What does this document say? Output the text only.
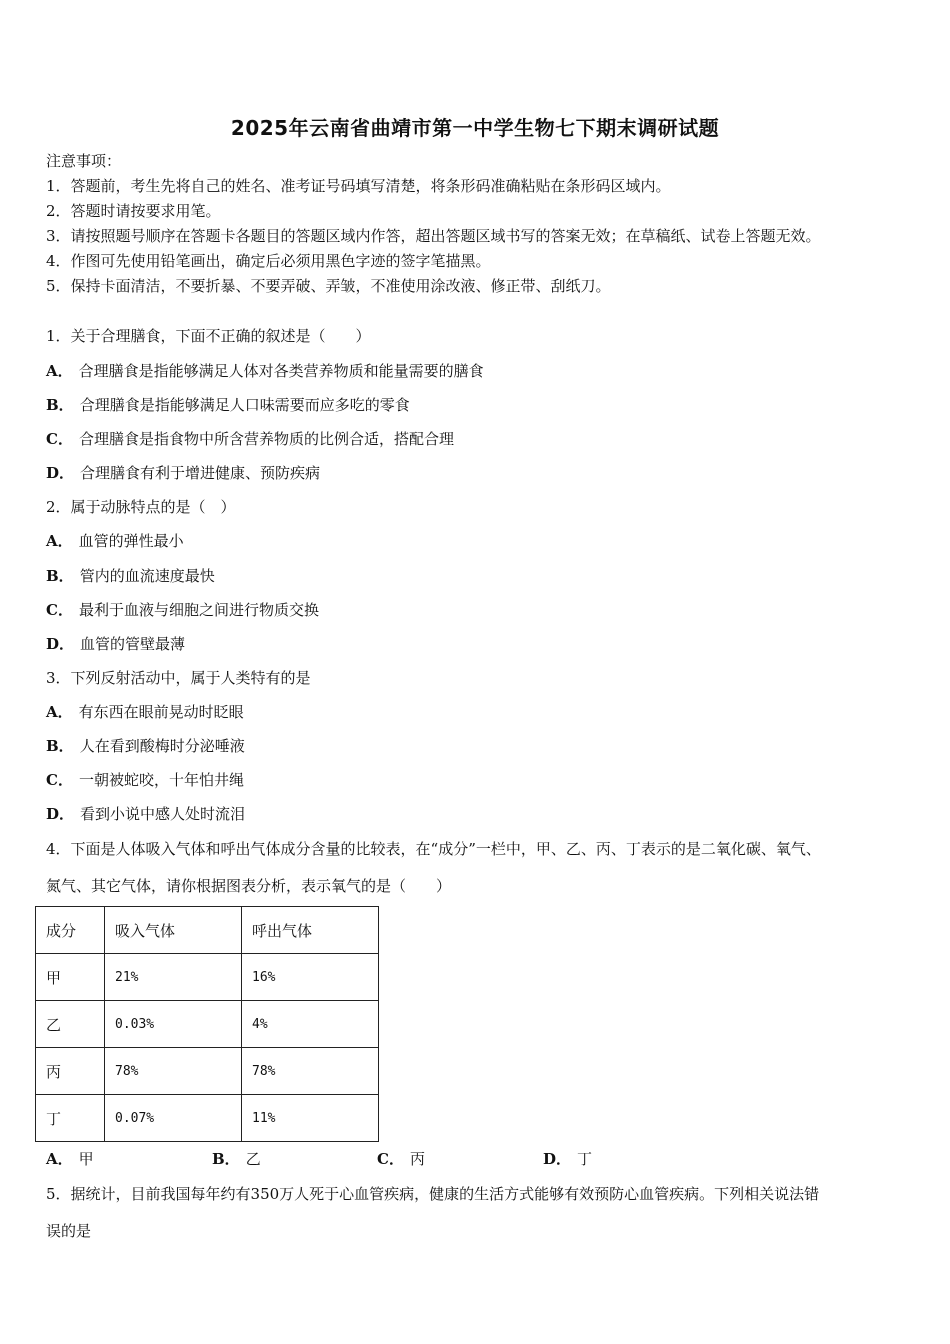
2025年云南省曲靖市第一中学生物七下期末调研试题
注意事项：
1．答题前，考生先将自己的姓名、准考证号码填写清楚，将条形码准确粘贴在条形码区域内。
2．答题时请按要求用笔。
3．请按照题号顺序在答题卡各题目的答题区域内作答，超出答题区域书写的答案无效；在草稿纸、试卷上答题无效。
4．作图可先使用铅笔画出，确定后必须用黑色字迹的签字笔描黑。
5．保持卡面清洁，不要折暴、不要弄破、弄皱，不准使用涂改液、修正带、刮纸刀。
1．关于合理膳食，下面不正确的叙述是（　　）
A． 合理膳食是指能够满足人体对各类营养物质和能量需要的膳食
B． 合理膳食是指能够满足人口味需要而应多吃的零食
C． 合理膳食是指食物中所含营养物质的比例合适，搭配合理
D． 合理膳食有利于增进健康、预防疾病
2．属于动脉特点的是（　）
A． 血管的弹性最小
B． 管内的血流速度最快
C． 最利于血液与细胞之间进行物质交换
D． 血管的管壁最薄
3．下列反射活动中，属于人类特有的是
A． 有东西在眼前晃动时眨眼
B． 人在看到酸梅时分泌唾液
C． 一朝被蛇咬，十年怕井绳
D． 看到小说中感人处时流泪
4．下面是人体吸入气体和呼出气体成分含量的比较表，在“成分”一栏中，甲、乙、丙、丁表示的是二氧化碳、氧气、
氮气、其它气体，请你根据图表分析，表示氧气的是（　　）
成分	吸入气体	呼出气体
甲	21%	16%
乙	0.03%	4%
丙	78%	78%
丁	0.07%	11%
A． 甲	B． 乙	C． 丙	D． 丁
5．据统计，目前我国每年约有350万人死于心血管疾病，健康的生活方式能够有效预防心血管疾病。下列相关说法错
误的是
